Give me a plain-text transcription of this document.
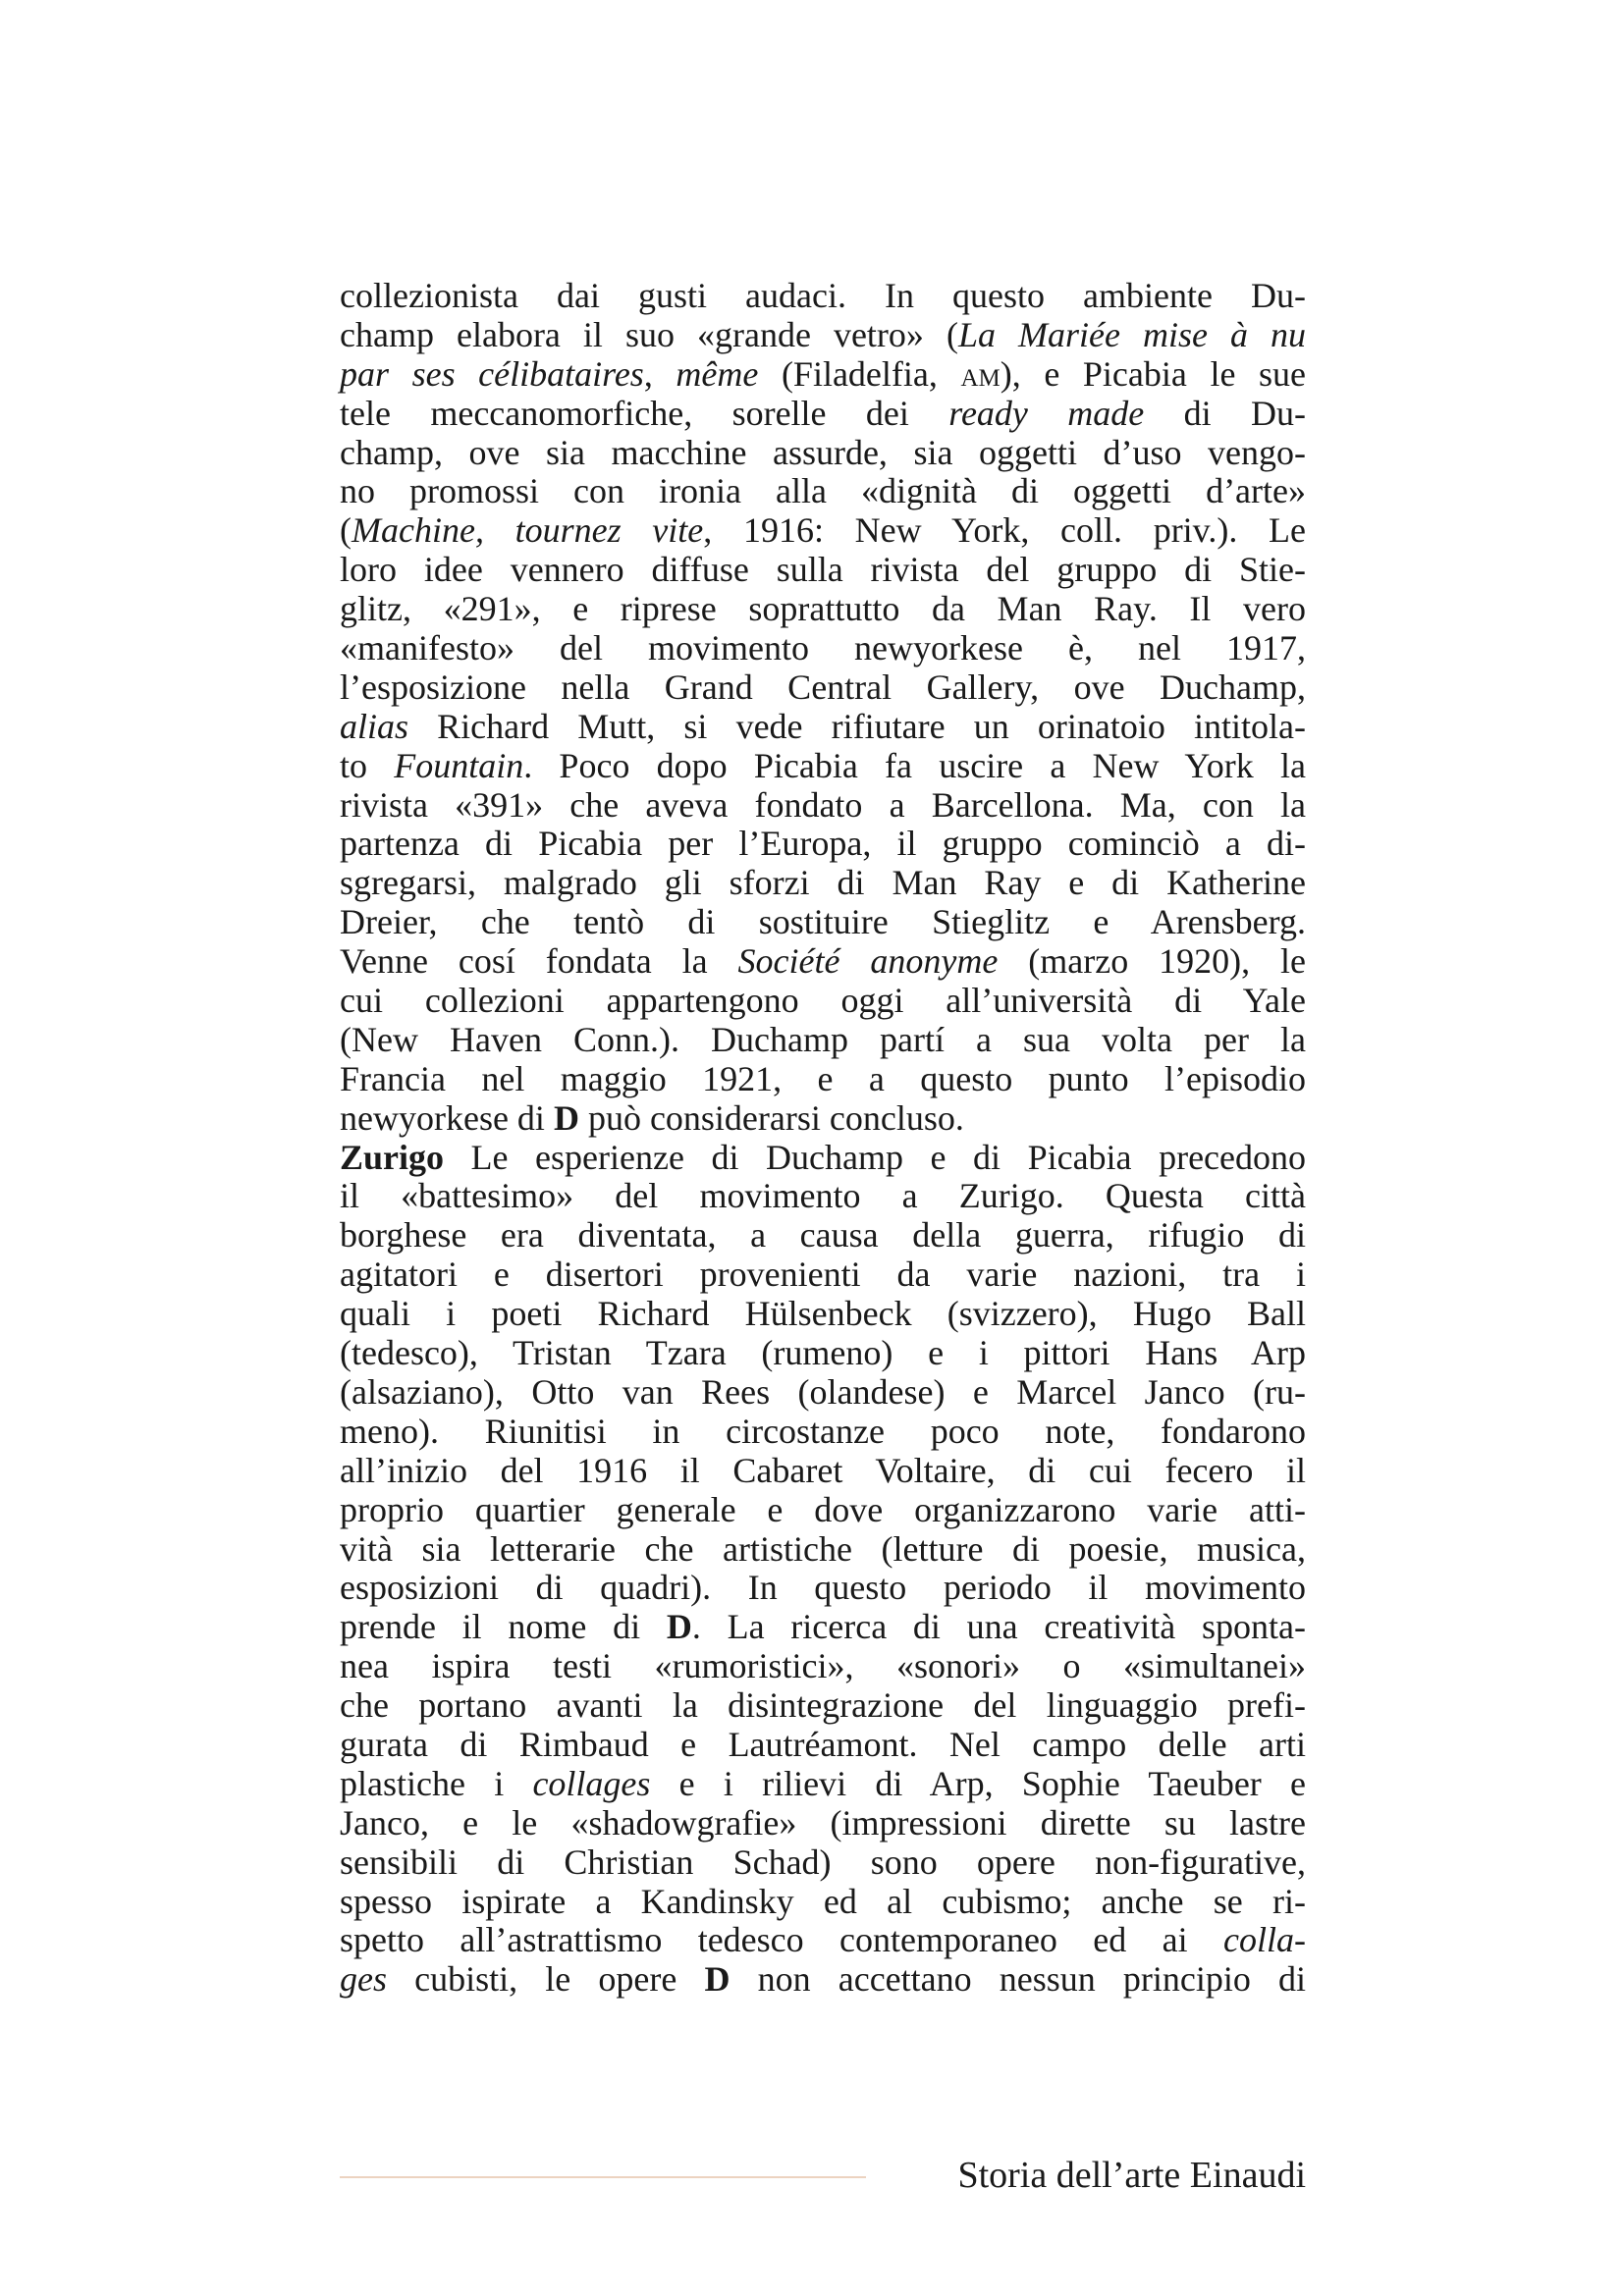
collezionista dai gusti audaci. In questo ambiente Du-
champ elabora il suo «grande vetro» (La Mariée mise à nu
par ses célibataires, même (Filadelfia, am), e Picabia le sue
tele meccanomorfiche, sorelle dei ready made di Du-
champ, ove sia macchine assurde, sia oggetti d’uso vengo-
no promossi con ironia alla «dignità di oggetti d’arte»
(Machine, tournez vite, 1916: New York, coll. priv.). Le
loro idee vennero diffuse sulla rivista del gruppo di Stie-
glitz, «291», e riprese soprattutto da Man Ray. Il vero
«manifesto» del movimento newyorkese è, nel 1917,
l’esposizione nella Grand Central Gallery, ove Duchamp,
alias Richard Mutt, si vede rifiutare un orinatoio intitola-
to Fountain. Poco dopo Picabia fa uscire a New York la
rivista «391» che aveva fondato a Barcellona. Ma, con la
partenza di Picabia per l’Europa, il gruppo cominciò a di-
sgregarsi, malgrado gli sforzi di Man Ray e di Katherine
Dreier, che tentò di sostituire Stieglitz e Arensberg.
Venne cosí fondata la Société anonyme (marzo 1920), le
cui collezioni appartengono oggi all’università di Yale
(New Haven Conn.). Duchamp partí a sua volta per la
Francia nel maggio 1921, e a questo punto l’episodio
newyorkese di D può considerarsi concluso.
Zurigo Le esperienze di Duchamp e di Picabia precedono
il «battesimo» del movimento a Zurigo. Questa città
borghese era diventata, a causa della guerra, rifugio di
agitatori e disertori provenienti da varie nazioni, tra i
quali i poeti Richard Hülsenbeck (svizzero), Hugo Ball
(tedesco), Tristan Tzara (rumeno) e i pittori Hans Arp
(alsaziano), Otto van Rees (olandese) e Marcel Janco (ru-
meno). Riunitisi in circostanze poco note, fondarono
all’inizio del 1916 il Cabaret Voltaire, di cui fecero il
proprio quartier generale e dove organizzarono varie atti-
vità sia letterarie che artistiche (letture di poesie, musica,
esposizioni di quadri). In questo periodo il movimento
prende il nome di D. La ricerca di una creatività sponta-
nea ispira testi «rumoristici», «sonori» o «simultanei»
che portano avanti la disintegrazione del linguaggio prefi-
gurata di Rimbaud e Lautréamont. Nel campo delle arti
plastiche i collages e i rilievi di Arp, Sophie Taeuber e
Janco, e le «shadowgrafie» (impressioni dirette su lastre
sensibili di Christian Schad) sono opere non-figurative,
spesso ispirate a Kandinsky ed al cubismo; anche se ri-
spetto all’astrattismo tedesco contemporaneo ed ai colla-
ges cubisti, le opere D non accettano nessun principio di
Storia dell’arte Einaudi
